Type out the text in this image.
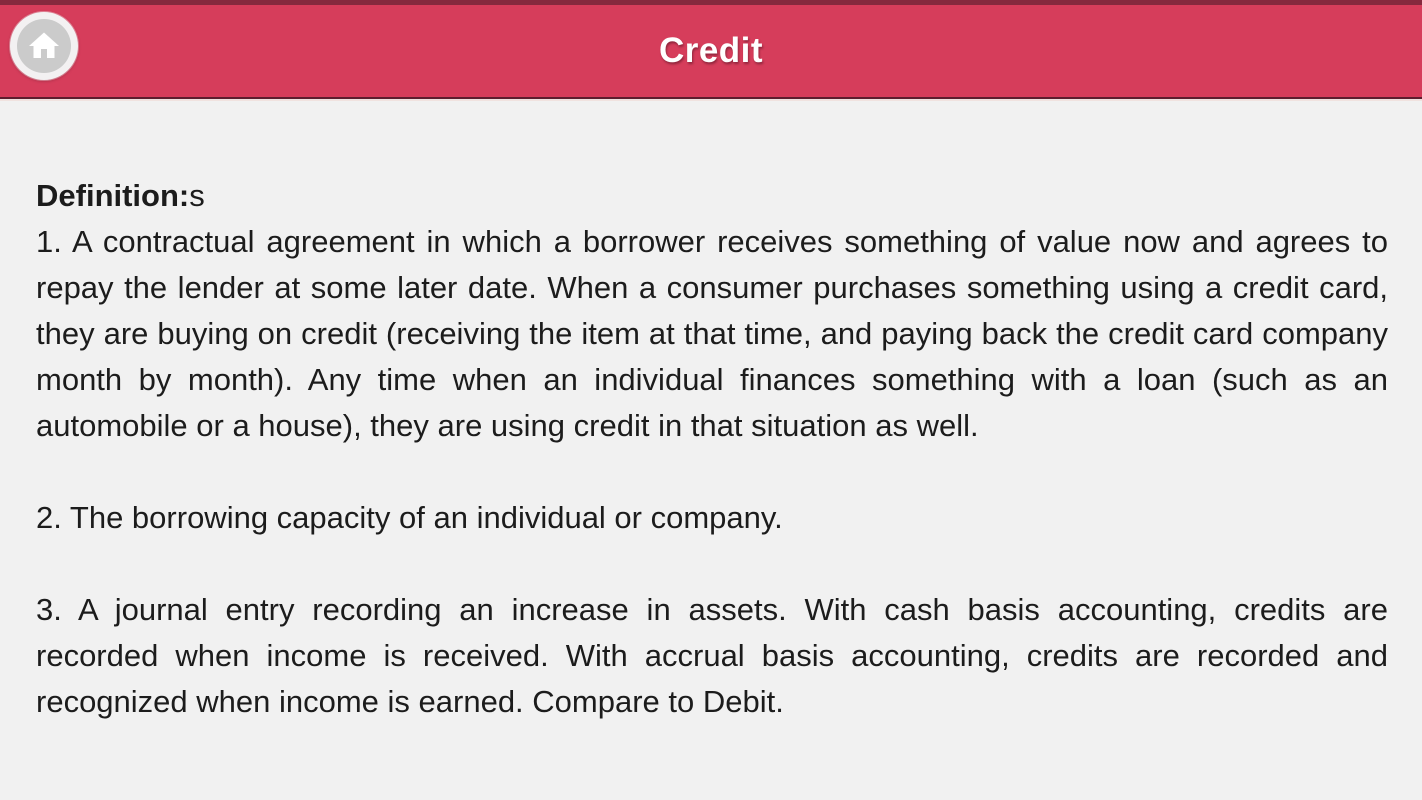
Credit
Definition:s

1. A contractual agreement in which a borrower receives something of value now and agrees to repay the lender at some later date. When a consumer purchases something using a credit card, they are buying on credit (receiving the item at that time, and paying back the credit card company month by month). Any time when an individual finances something with a loan (such as an automobile or a house), they are using credit in that situation as well.

2. The borrowing capacity of an individual or company.

3. A journal entry recording an increase in assets. With cash basis accounting, credits are recorded when income is received. With accrual basis accounting, credits are recorded and recognized when income is earned. Compare to Debit.
